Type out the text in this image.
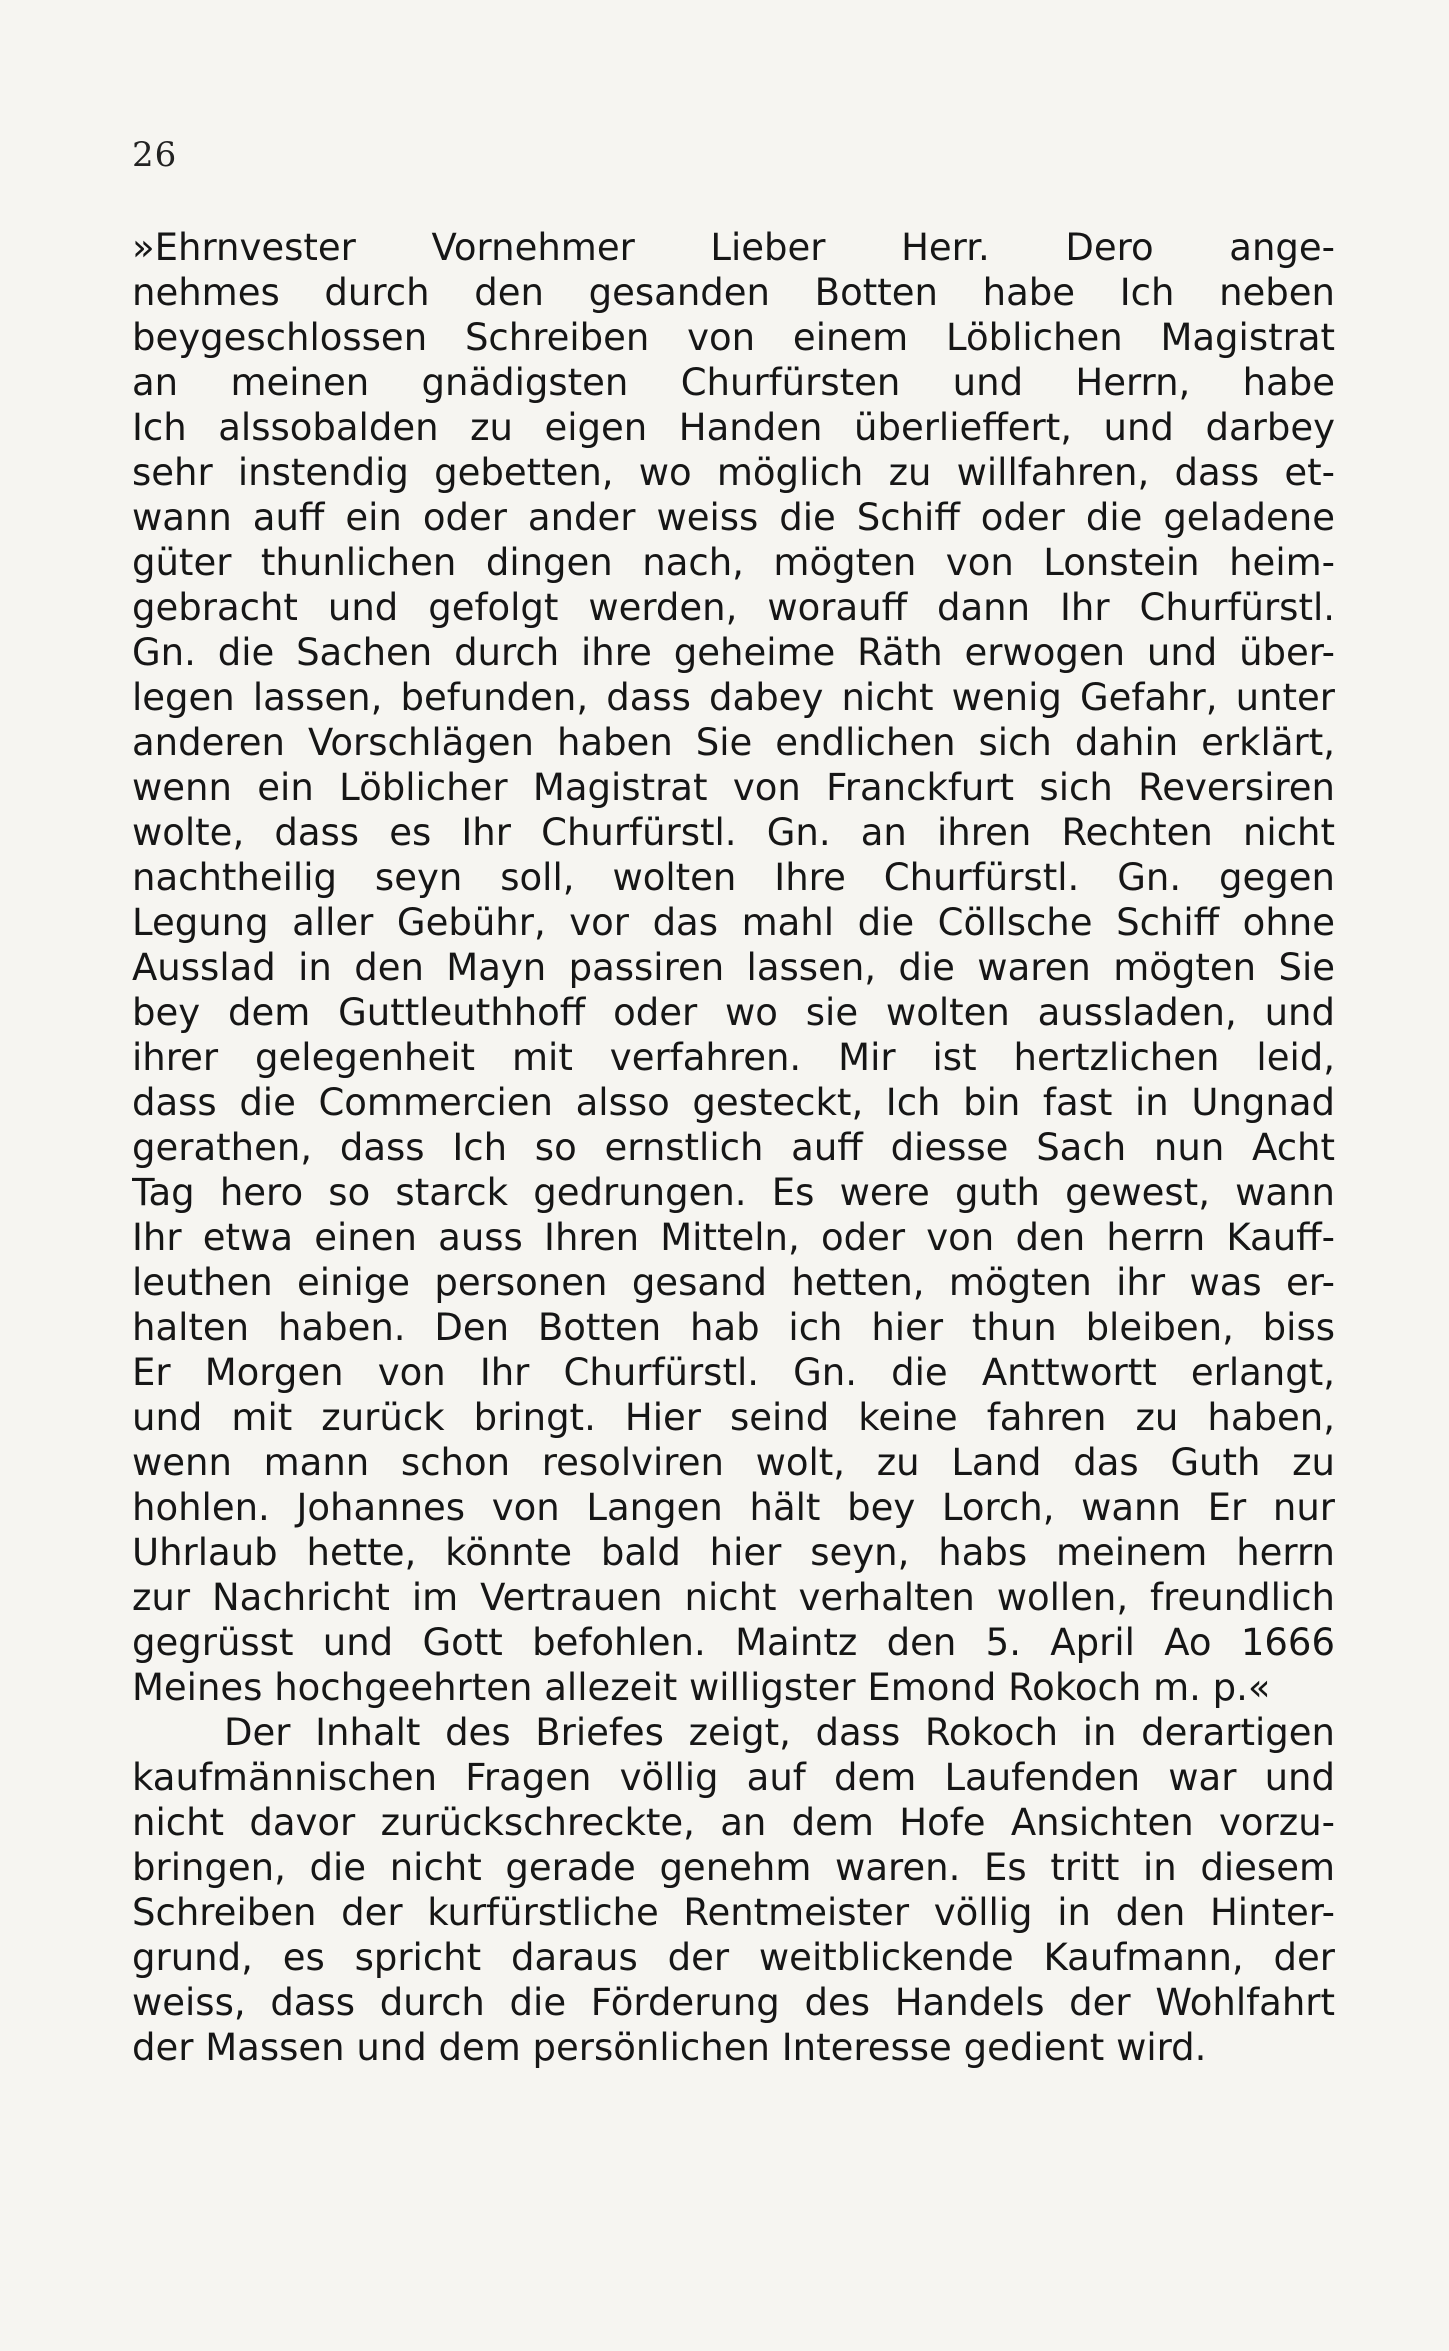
26
»Ehrnvester Vornehmer Lieber Herr. Dero ange-
nehmes durch den gesanden Botten habe Ich neben
beygeschlossen Schreiben von einem Löblichen Magistrat
an meinen gnädigsten Churfürsten und Herrn, habe
Ich alssobalden zu eigen Handen überlieffert, und darbey
sehr instendig gebetten, wo möglich zu willfahren, dass et-
wann auff ein oder ander weiss die Schiff oder die geladene
güter thunlichen dingen nach, mögten von Lonstein heim-
gebracht und gefolgt werden, worauff dann Ihr Churfürstl.
Gn. die Sachen durch ihre geheime Räth erwogen und über-
legen lassen, befunden, dass dabey nicht wenig Gefahr, unter
anderen Vorschlägen haben Sie endlichen sich dahin erklärt,
wenn ein Löblicher Magistrat von Franckfurt sich Reversiren
wolte, dass es Ihr Churfürstl. Gn. an ihren Rechten nicht
nachtheilig seyn soll, wolten Ihre Churfürstl. Gn. gegen
Legung aller Gebühr, vor das mahl die Cöllsche Schiff ohne
Ausslad in den Mayn passiren lassen, die waren mögten Sie
bey dem Guttleuthhoff oder wo sie wolten aussladen, und
ihrer gelegenheit mit verfahren. Mir ist hertzlichen leid,
dass die Commercien alsso gesteckt, Ich bin fast in Ungnad
gerathen, dass Ich so ernstlich auff diesse Sach nun Acht
Tag hero so starck gedrungen. Es were guth gewest, wann
Ihr etwa einen auss Ihren Mitteln, oder von den herrn Kauff-
leuthen einige personen gesand hetten, mögten ihr was er-
halten haben. Den Botten hab ich hier thun bleiben, biss
Er Morgen von Ihr Churfürstl. Gn. die Anttwortt erlangt,
und mit zurück bringt. Hier seind keine fahren zu haben,
wenn mann schon resolviren wolt, zu Land das Guth zu
hohlen. Johannes von Langen hält bey Lorch, wann Er nur
Uhrlaub hette, könnte bald hier seyn, habs meinem herrn
zur Nachricht im Vertrauen nicht verhalten wollen, freundlich
gegrüsst und Gott befohlen. Maintz den 5. April Ao 1666
Meines hochgeehrten allezeit willigster Emond Rokoch m. p.«
Der Inhalt des Briefes zeigt, dass Rokoch in derartigen
kaufmännischen Fragen völlig auf dem Laufenden war und
nicht davor zurückschreckte, an dem Hofe Ansichten vorzu-
bringen, die nicht gerade genehm waren. Es tritt in diesem
Schreiben der kurfürstliche Rentmeister völlig in den Hinter-
grund, es spricht daraus der weitblickende Kaufmann, der
weiss, dass durch die Förderung des Handels der Wohlfahrt
der Massen und dem persönlichen Interesse gedient wird.
